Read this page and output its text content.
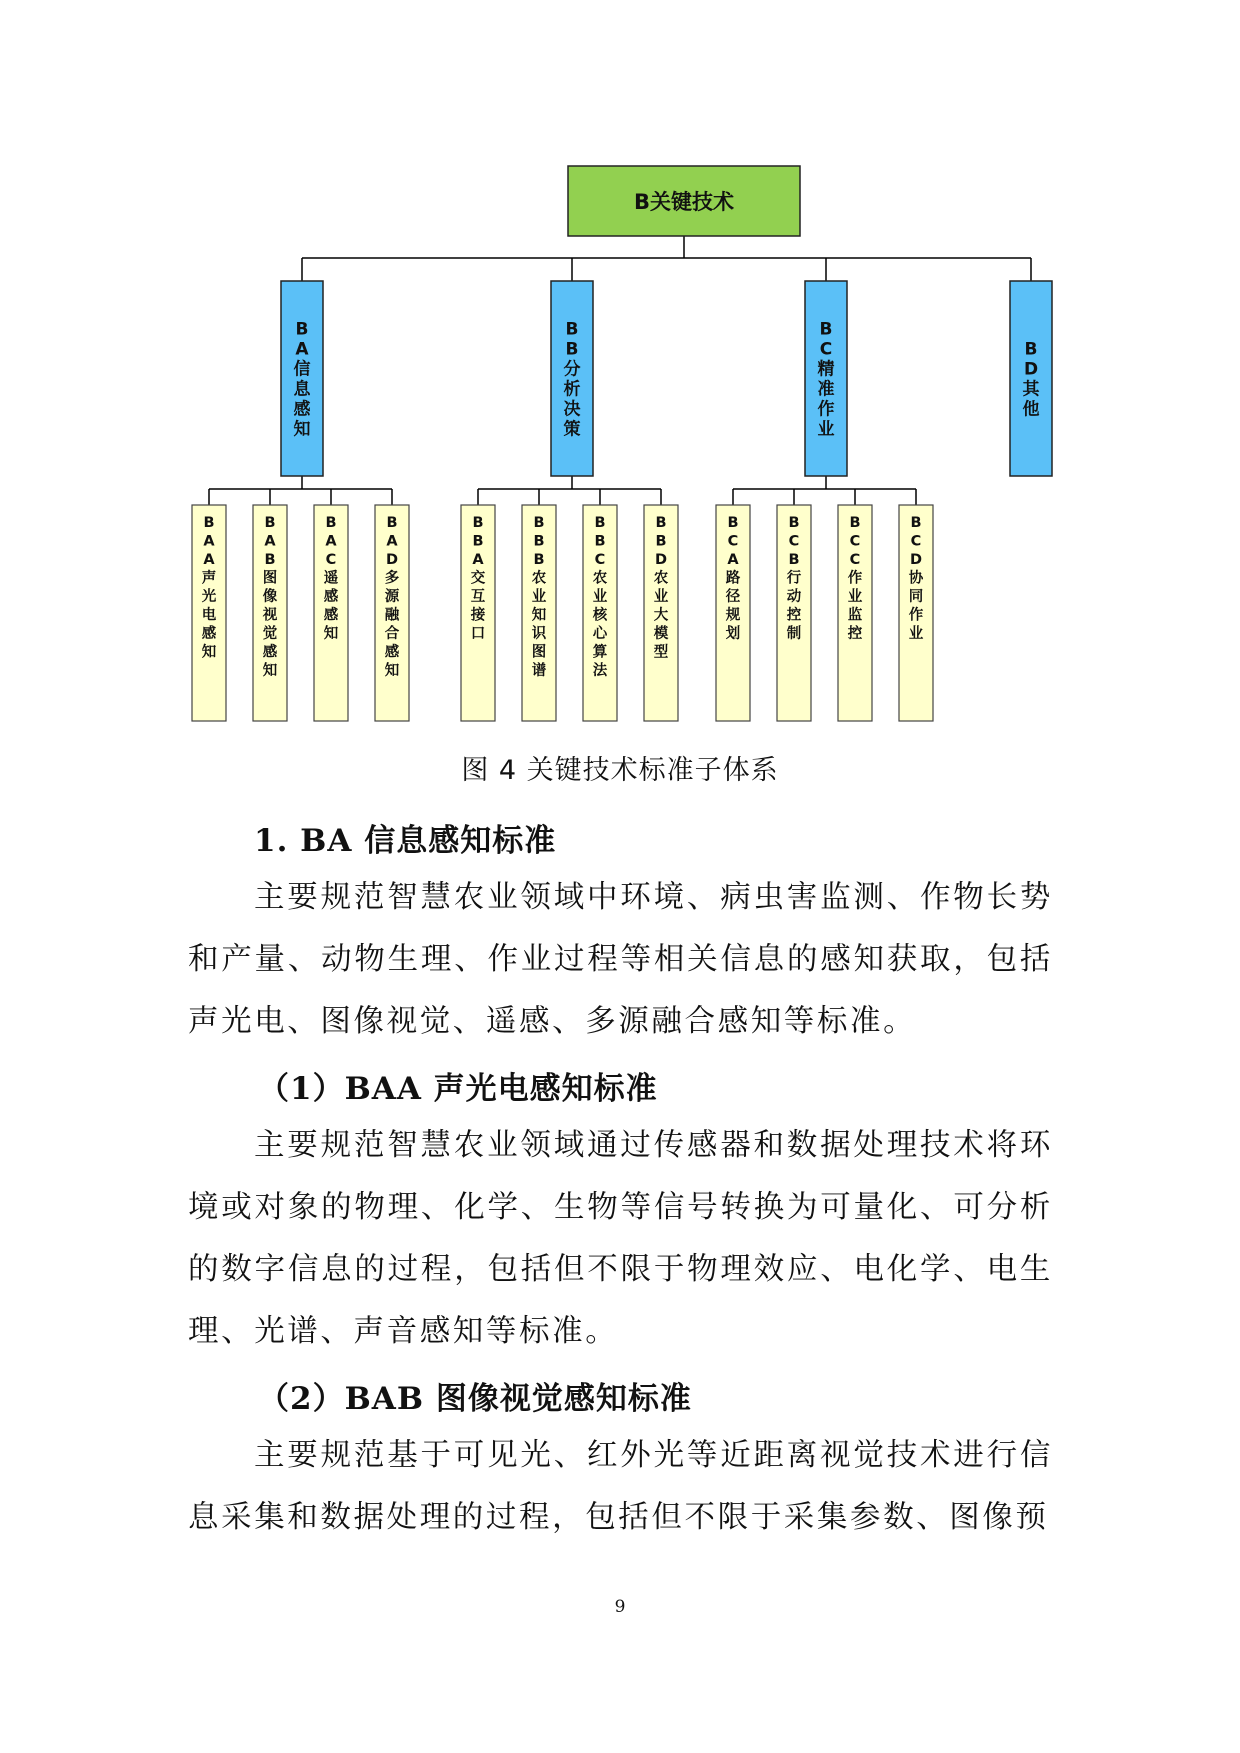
B关键技术
B A 信息感知
B A A 声光电感知
B A B 图像视觉感知
B A C 遥感感知
B A D 多源融合感知
B B 分析决策
B B A 交互接口
B B B 农业知识图谱
B B C 农业核心算法
B B D 农业大模型
B C 精准作业
B C A 路径规划
B C B 行动控制
B C C 作业监控
B C D 协同作业
B D 其他
图 4 关键技术标准子体系
1. BA 信息感知标准
主要规范智慧农业领域中环境、病虫害监测、作物长势和产量、动物生理、作业过程等相关信息的感知获取，包括声光电、图像视觉、遥感、多源融合感知等标准。
（1）BAA 声光电感知标准
主要规范智慧农业领域通过传感器和数据处理技术将环境或对象的物理、化学、生物等信号转换为可量化、可分析的数字信息的过程，包括但不限于物理效应、电化学、电生理、光谱、声音感知等标准。
（2）BAB 图像视觉感知标准
主要规范基于可见光、红外光等近距离视觉技术进行信息采集和数据处理的过程，包括但不限于采集参数、图像预
9
